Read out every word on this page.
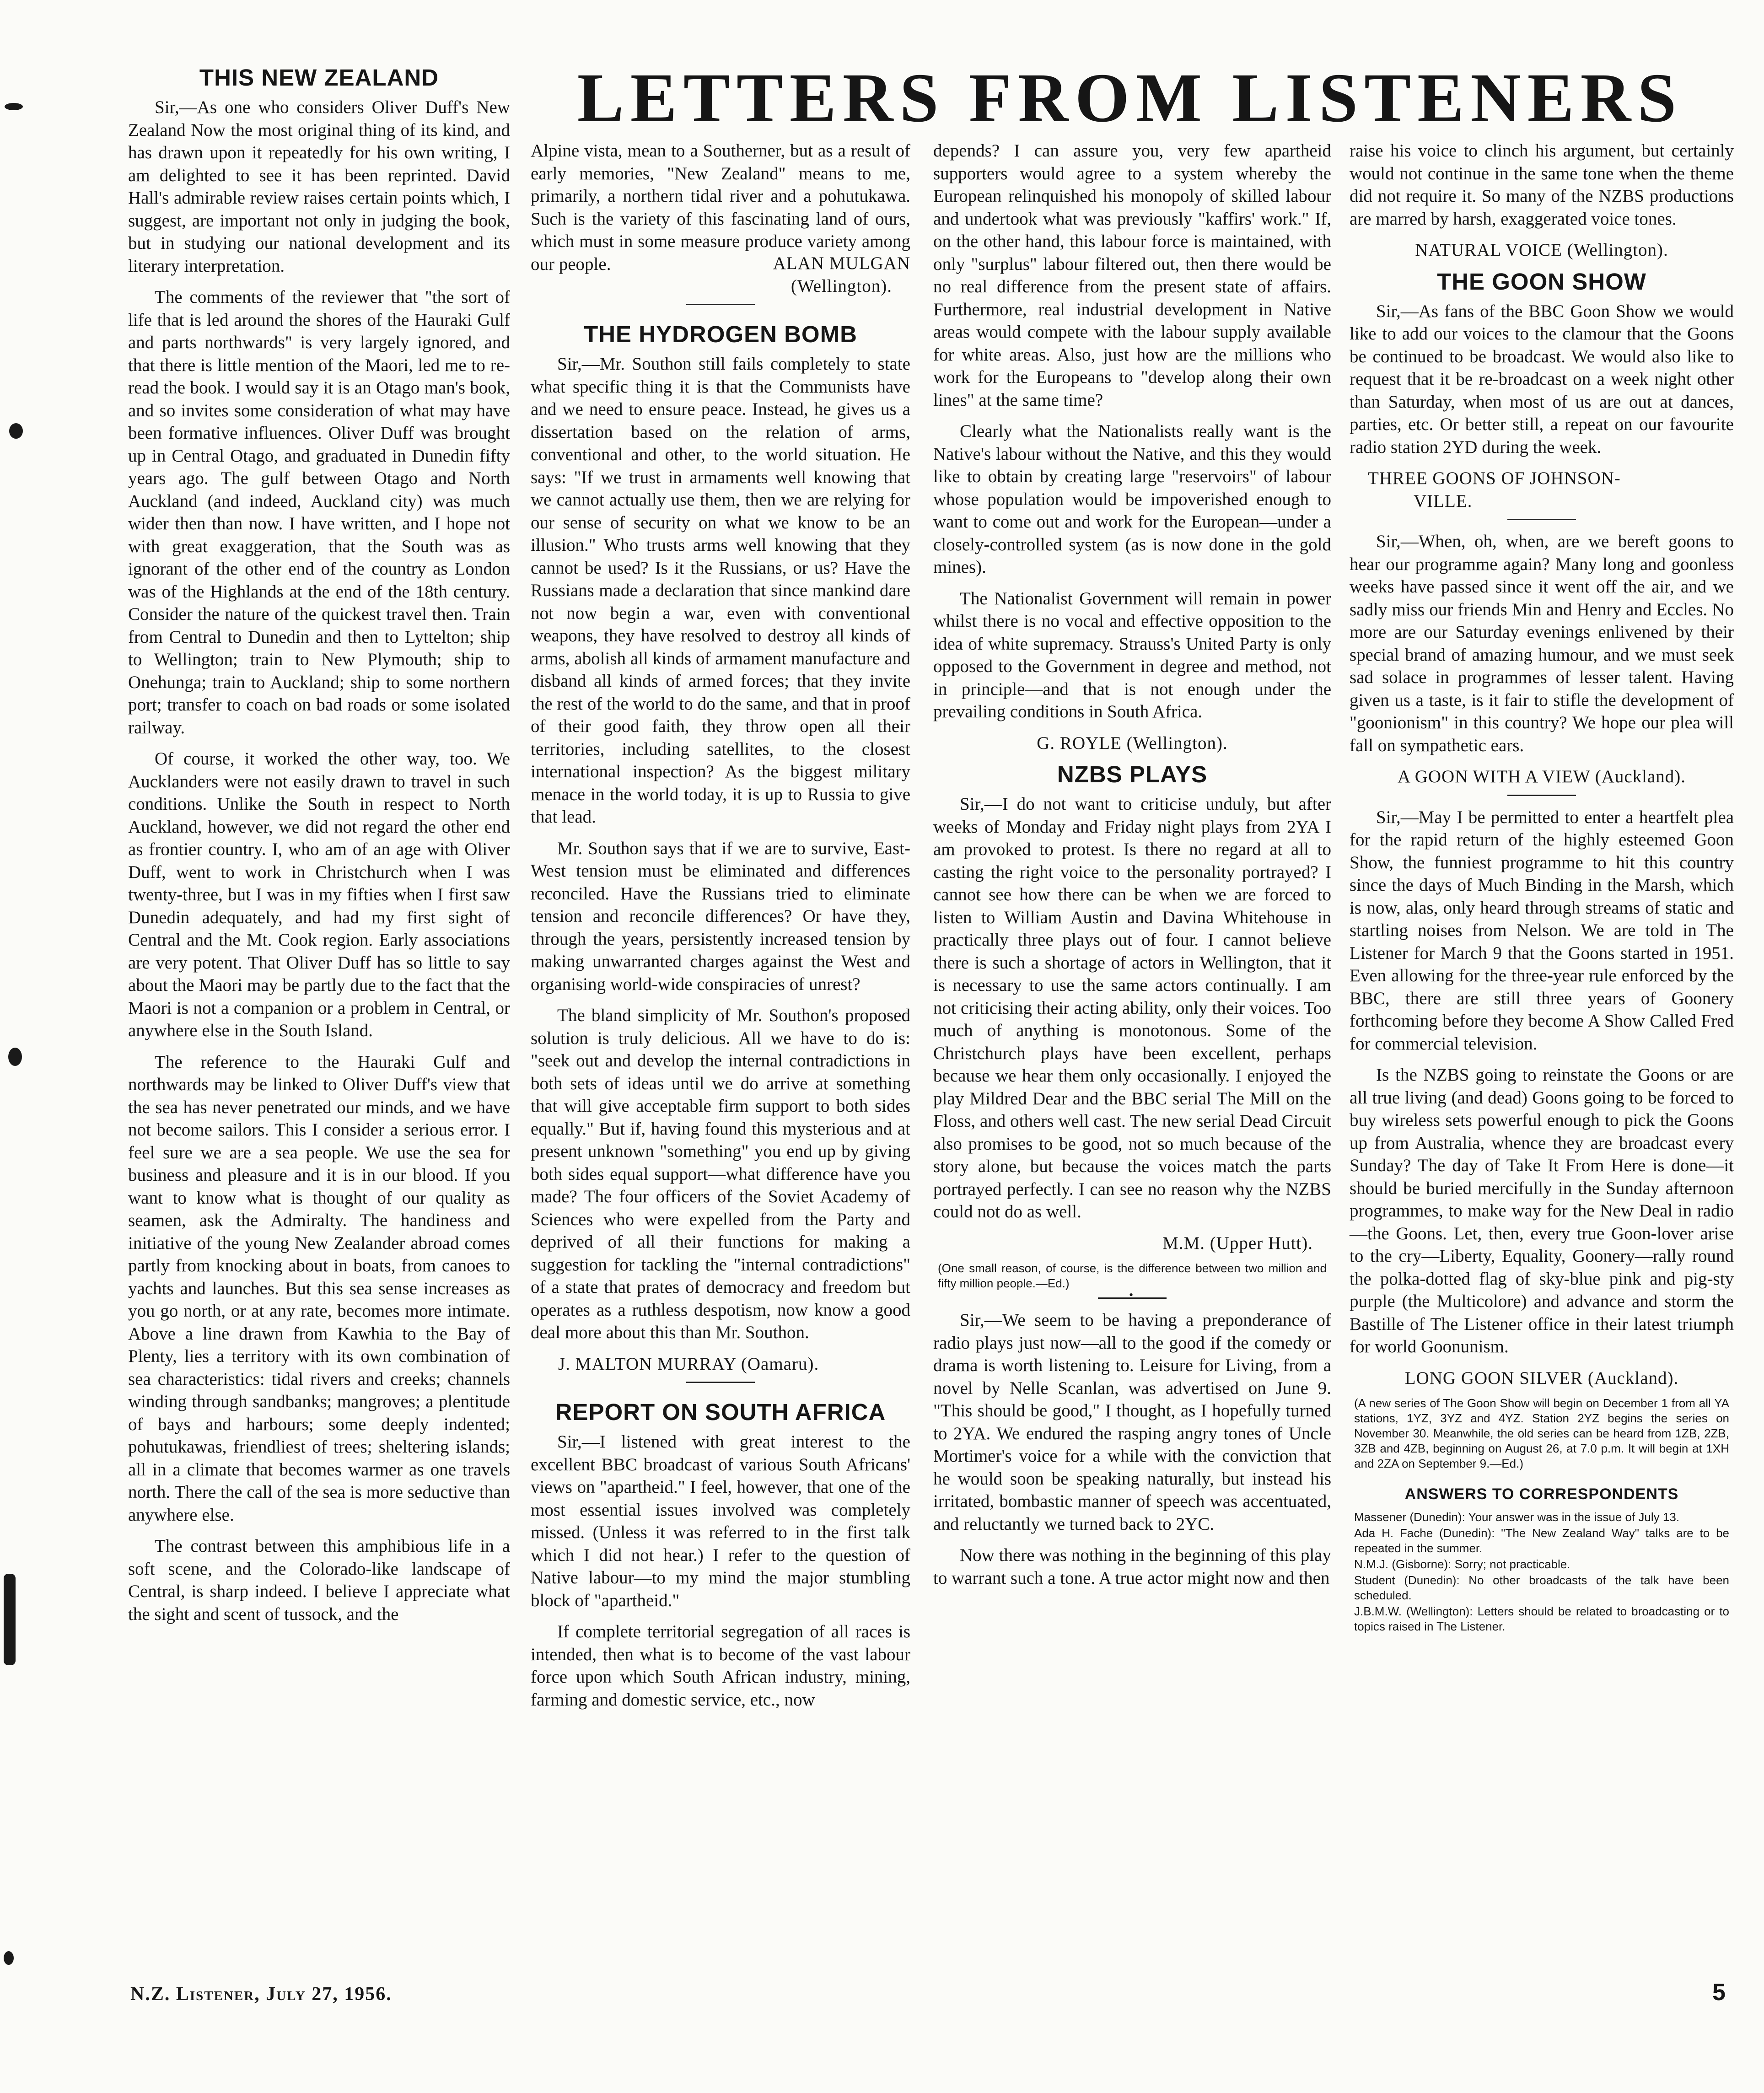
LETTERS FROM LISTENERS
THIS NEW ZEALAND

Sir,—As one who considers Oliver Duff's New Zealand Now the most original thing of its kind, and has drawn upon it repeatedly for his own writing, I am delighted to see it has been reprinted. David Hall's admirable review raises certain points which, I suggest, are important not only in judging the book, but in studying our national development and its literary interpretation.

The comments of the reviewer that "the sort of life that is led around the shores of the Hauraki Gulf and parts northwards" is very largely ignored, and that there is little mention of the Maori, led me to re-read the book. I would say it is an Otago man's book, and so invites some consideration of what may have been formative influences. Oliver Duff was brought up in Central Otago, and graduated in Dunedin fifty years ago. The gulf between Otago and North Auckland (and indeed, Auckland city) was much wider then than now. I have written, and I hope not with great exaggeration, that the South was as ignorant of the other end of the country as London was of the Highlands at the end of the 18th century. Consider the nature of the quickest travel then. Train from Central to Dunedin and then to Lyttelton; ship to Wellington; train to New Plymouth; ship to Onehunga; train to Auckland; ship to some northern port; transfer to coach on bad roads or some isolated railway.

Of course, it worked the other way, too. We Aucklanders were not easily drawn to travel in such conditions. Unlike the South in respect to North Auckland, however, we did not regard the other end as frontier country. I, who am of an age with Oliver Duff, went to work in Christchurch when I was twenty-three, but I was in my fifties when I first saw Dunedin adequately, and had my first sight of Central and the Mt. Cook region. Early associations are very potent. That Oliver Duff has so little to say about the Maori may be partly due to the fact that the Maori is not a companion or a problem in Central, or anywhere else in the South Island.

The reference to the Hauraki Gulf and northwards may be linked to Oliver Duff's view that the sea has never penetrated our minds, and we have not become sailors. This I consider a serious error. I feel sure we are a sea people. We use the sea for business and pleasure and it is in our blood. If you want to know what is thought of our quality as seamen, ask the Admiralty. The handiness and initiative of the young New Zealander abroad comes partly from knocking about in boats, from canoes to yachts and launches. But this sea sense increases as you go north, or at any rate, becomes more intimate. Above a line drawn from Kawhia to the Bay of Plenty, lies a territory with its own combination of sea characteristics: tidal rivers and creeks; channels winding through sandbanks; mangroves; a plentitude of bays and harbours; some deeply indented; pohutukawas, friendliest of trees; sheltering islands; all in a climate that becomes warmer as one travels north. There the call of the sea is more seductive than anywhere else.

The contrast between this amphibious life in a soft scene, and the Colorado-like landscape of Central, is sharp indeed. I believe I appreciate what the sight and scent of tussock, and the

Alpine vista, mean to a Southerner, but as a result of early memories, "New Zealand" means to me, primarily, a northern tidal river and a pohutukawa. Such is the variety of this fascinating land of ours, which must in some measure produce variety among our people.	ALAN MULGAN
(Wellington).
THE HYDROGEN BOMB

Sir,—Mr. Southon still fails completely to state what specific thing it is that the Communists have and we need to ensure peace. Instead, he gives us a dissertation based on the relation of arms, conventional and other, to the world situation. He says: "If we trust in armaments well knowing that we cannot actually use them, then we are relying for our sense of security on what we know to be an illusion." Who trusts arms well knowing that they cannot be used? Is it the Russians, or us? Have the Russians made a declaration that since mankind dare not now begin a war, even with conventional weapons, they have resolved to destroy all kinds of arms, abolish all kinds of armament manufacture and disband all kinds of armed forces; that they invite the rest of the world to do the same, and that in proof of their good faith, they throw open all their territories, including satellites, to the closest international inspection? As the biggest military menace in the world today, it is up to Russia to give that lead.

Mr. Southon says that if we are to survive, East-West tension must be eliminated and differences reconciled. Have the Russians tried to eliminate tension and reconcile differences? Or have they, through the years, persistently increased tension by making unwarranted charges against the West and organising world-wide conspiracies of unrest?

The bland simplicity of Mr. Southon's proposed solution is truly delicious. All we have to do is: "seek out and develop the internal contradictions in both sets of ideas until we do arrive at something that will give acceptable firm support to both sides equally." But if, having found this mysterious and at present unknown "something" you end up by giving both sides equal support—what difference have you made? The four officers of the Soviet Academy of Sciences who were expelled from the Party and deprived of all their functions for making a suggestion for tackling the "internal contradictions" of a state that prates of democracy and freedom but operates as a ruthless despotism, now know a good deal more about this than Mr. Southon.

J. MALTON MURRAY (Oamaru).
REPORT ON SOUTH AFRICA

Sir,—I listened with great interest to the excellent BBC broadcast of various South Africans' views on "apartheid." I feel, however, that one of the most essential issues involved was completely missed. (Unless it was referred to in the first talk which I did not hear.) I refer to the question of Native labour—to my mind the major stumbling block of "apartheid."

If complete territorial segregation of all races is intended, then what is to become of the vast labour force upon which South African industry, mining, farming and domestic service, etc., now

depends? I can assure you, very few apartheid supporters would agree to a system whereby the European relinquished his monopoly of skilled labour and undertook what was previously "kaffirs' work." If, on the other hand, this labour force is maintained, with only "surplus" labour filtered out, then there would be no real difference from the present state of affairs. Furthermore, real industrial development in Native areas would compete with the labour supply available for white areas. Also, just how are the millions who work for the Europeans to "develop along their own lines" at the same time?

Clearly what the Nationalists really want is the Native's labour without the Native, and this they would like to obtain by creating large "reservoirs" of labour whose population would be impoverished enough to want to come out and work for the European—under a closely-controlled system (as is now done in the gold mines).

The Nationalist Government will remain in power whilst there is no vocal and effective opposition to the idea of white supremacy. Strauss's United Party is only opposed to the Government in degree and method, not in principle—and that is not enough under the prevailing conditions in South Africa.

G. ROYLE (Wellington).
NZBS PLAYS

Sir,—I do not want to criticise unduly, but after weeks of Monday and Friday night plays from 2YA I am provoked to protest. Is there no regard at all to casting the right voice to the personality portrayed? I cannot see how there can be when we are forced to listen to William Austin and Davina Whitehouse in practically three plays out of four. I cannot believe there is such a shortage of actors in Wellington, that it is necessary to use the same actors continually. I am not criticising their acting ability, only their voices. Too much of anything is monotonous. Some of the Christchurch plays have been excellent, perhaps because we hear them only occasionally. I enjoyed the play Mildred Dear and the BBC serial The Mill on the Floss, and others well cast. The new serial Dead Circuit also promises to be good, not so much because of the story alone, but because the voices match the parts portrayed perfectly. I can see no reason why the NZBS could not do as well.

M.M. (Upper Hutt).
(One small reason, of course, is the difference between two million and fifty million people.—Ed.)
•

Sir,—We seem to be having a preponderance of radio plays just now—all to the good if the comedy or drama is worth listening to. Leisure for Living, from a novel by Nelle Scanlan, was advertised on June 9. "This should be good," I thought, as I hopefully turned to 2YA. We endured the rasping angry tones of Uncle Mortimer's voice for a while with the conviction that he would soon be speaking naturally, but instead his irritated, bombastic manner of speech was accentuated, and reluctantly we turned back to 2YC.

Now there was nothing in the beginning of this play to warrant such a tone. A true actor might now and then

raise his voice to clinch his argument, but certainly would not continue in the same tone when the theme did not require it. So many of the NZBS productions are marred by harsh, exaggerated voice tones.

NATURAL VOICE (Wellington).
THE GOON SHOW

Sir,—As fans of the BBC Goon Show we would like to add our voices to the clamour that the Goons be continued to be broadcast. We would also like to request that it be re-broadcast on a week night other than Saturday, when most of us are out at dances, parties, etc. Or better still, a repeat on our favourite radio station 2YD during the week.

THREE GOONS OF JOHNSON-
VILLE.

Sir,—When, oh, when, are we bereft goons to hear our programme again? Many long and goonless weeks have passed since it went off the air, and we sadly miss our friends Min and Henry and Eccles. No more are our Saturday evenings enlivened by their special brand of amazing humour, and we must seek sad solace in programmes of lesser talent. Having given us a taste, is it fair to stifle the development of "goonionism" in this country? We hope our plea will fall on sympathetic ears.

A GOON WITH A VIEW (Auckland).

Sir,—May I be permitted to enter a heartfelt plea for the rapid return of the highly esteemed Goon Show, the funniest programme to hit this country since the days of Much Binding in the Marsh, which is now, alas, only heard through streams of static and startling noises from Nelson. We are told in The Listener for March 9 that the Goons started in 1951. Even allowing for the three-year rule enforced by the BBC, there are still three years of Goonery forthcoming before they become A Show Called Fred for commercial television.

Is the NZBS going to reinstate the Goons or are all true living (and dead) Goons going to be forced to buy wireless sets powerful enough to pick the Goons up from Australia, whence they are broadcast every Sunday? The day of Take It From Here is done—it should be buried mercifully in the Sunday afternoon programmes, to make way for the New Deal in radio—the Goons. Let, then, every true Goon-lover arise to the cry—Liberty, Equality, Goonery—rally round the polka-dotted flag of sky-blue pink and pig-sty purple (the Multicolore) and advance and storm the Bastille of The Listener office in their latest triumph for world Goonunism.

LONG GOON SILVER (Auckland).
(A new series of The Goon Show will begin on December 1 from all YA stations, 1YZ, 3YZ and 4YZ. Station 2YZ begins the series on November 30. Meanwhile, the old series can be heard from 1ZB, 2ZB, 3ZB and 4ZB, beginning on August 26, at 7.0 p.m. It will begin at 1XH and 2ZA on September 9.—Ed.)
ANSWERS TO CORRESPONDENTS
Massener (Dunedin): Your answer was in the issue of July 13.
Ada H. Fache (Dunedin): "The New Zealand Way" talks are to be repeated in the summer.
N.M.J. (Gisborne): Sorry; not practicable.
Student (Dunedin): No other broadcasts of the talk have been scheduled.
J.B.M.W. (Wellington): Letters should be related to broadcasting or to topics raised in The Listener.
N.Z. Listener, July 27, 1956.	5
